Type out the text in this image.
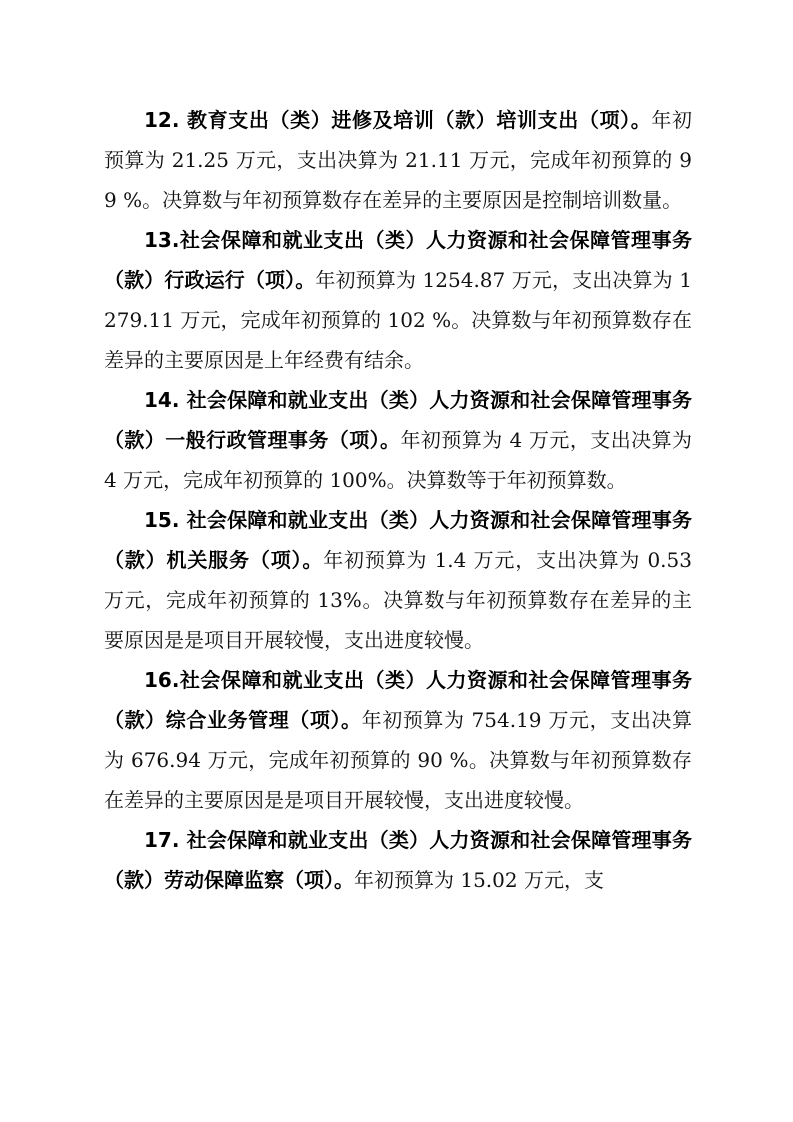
12. 教育支出（类）进修及培训（款）培训支出（项）。年初预算为 21.25 万元，支出决算为 21.11 万元，完成年初预算的 99 %。决算数与年初预算数存在差异的主要原因是控制培训数量。

13.社会保障和就业支出（类）人力资源和社会保障管理事务（款）行政运行（项）。年初预算为 1254.87 万元，支出决算为 1279.11 万元，完成年初预算的 102 %。决算数与年初预算数存在差异的主要原因是上年经费有结余。

14. 社会保障和就业支出（类）人力资源和社会保障管理事务（款）一般行政管理事务（项）。年初预算为 4 万元，支出决算为 4 万元，完成年初预算的 100%。决算数等于年初预算数。

15. 社会保障和就业支出（类）人力资源和社会保障管理事务（款）机关服务（项）。年初预算为 1.4 万元，支出决算为 0.53 万元，完成年初预算的 13%。决算数与年初预算数存在差异的主要原因是是项目开展较慢，支出进度较慢。

16.社会保障和就业支出（类）人力资源和社会保障管理事务（款）综合业务管理（项）。年初预算为 754.19 万元，支出决算为 676.94 万元，完成年初预算的 90 %。决算数与年初预算数存在差异的主要原因是是项目开展较慢，支出进度较慢。

17. 社会保障和就业支出（类）人力资源和社会保障管理事务（款）劳动保障监察（项）。年初预算为 15.02 万元，支
